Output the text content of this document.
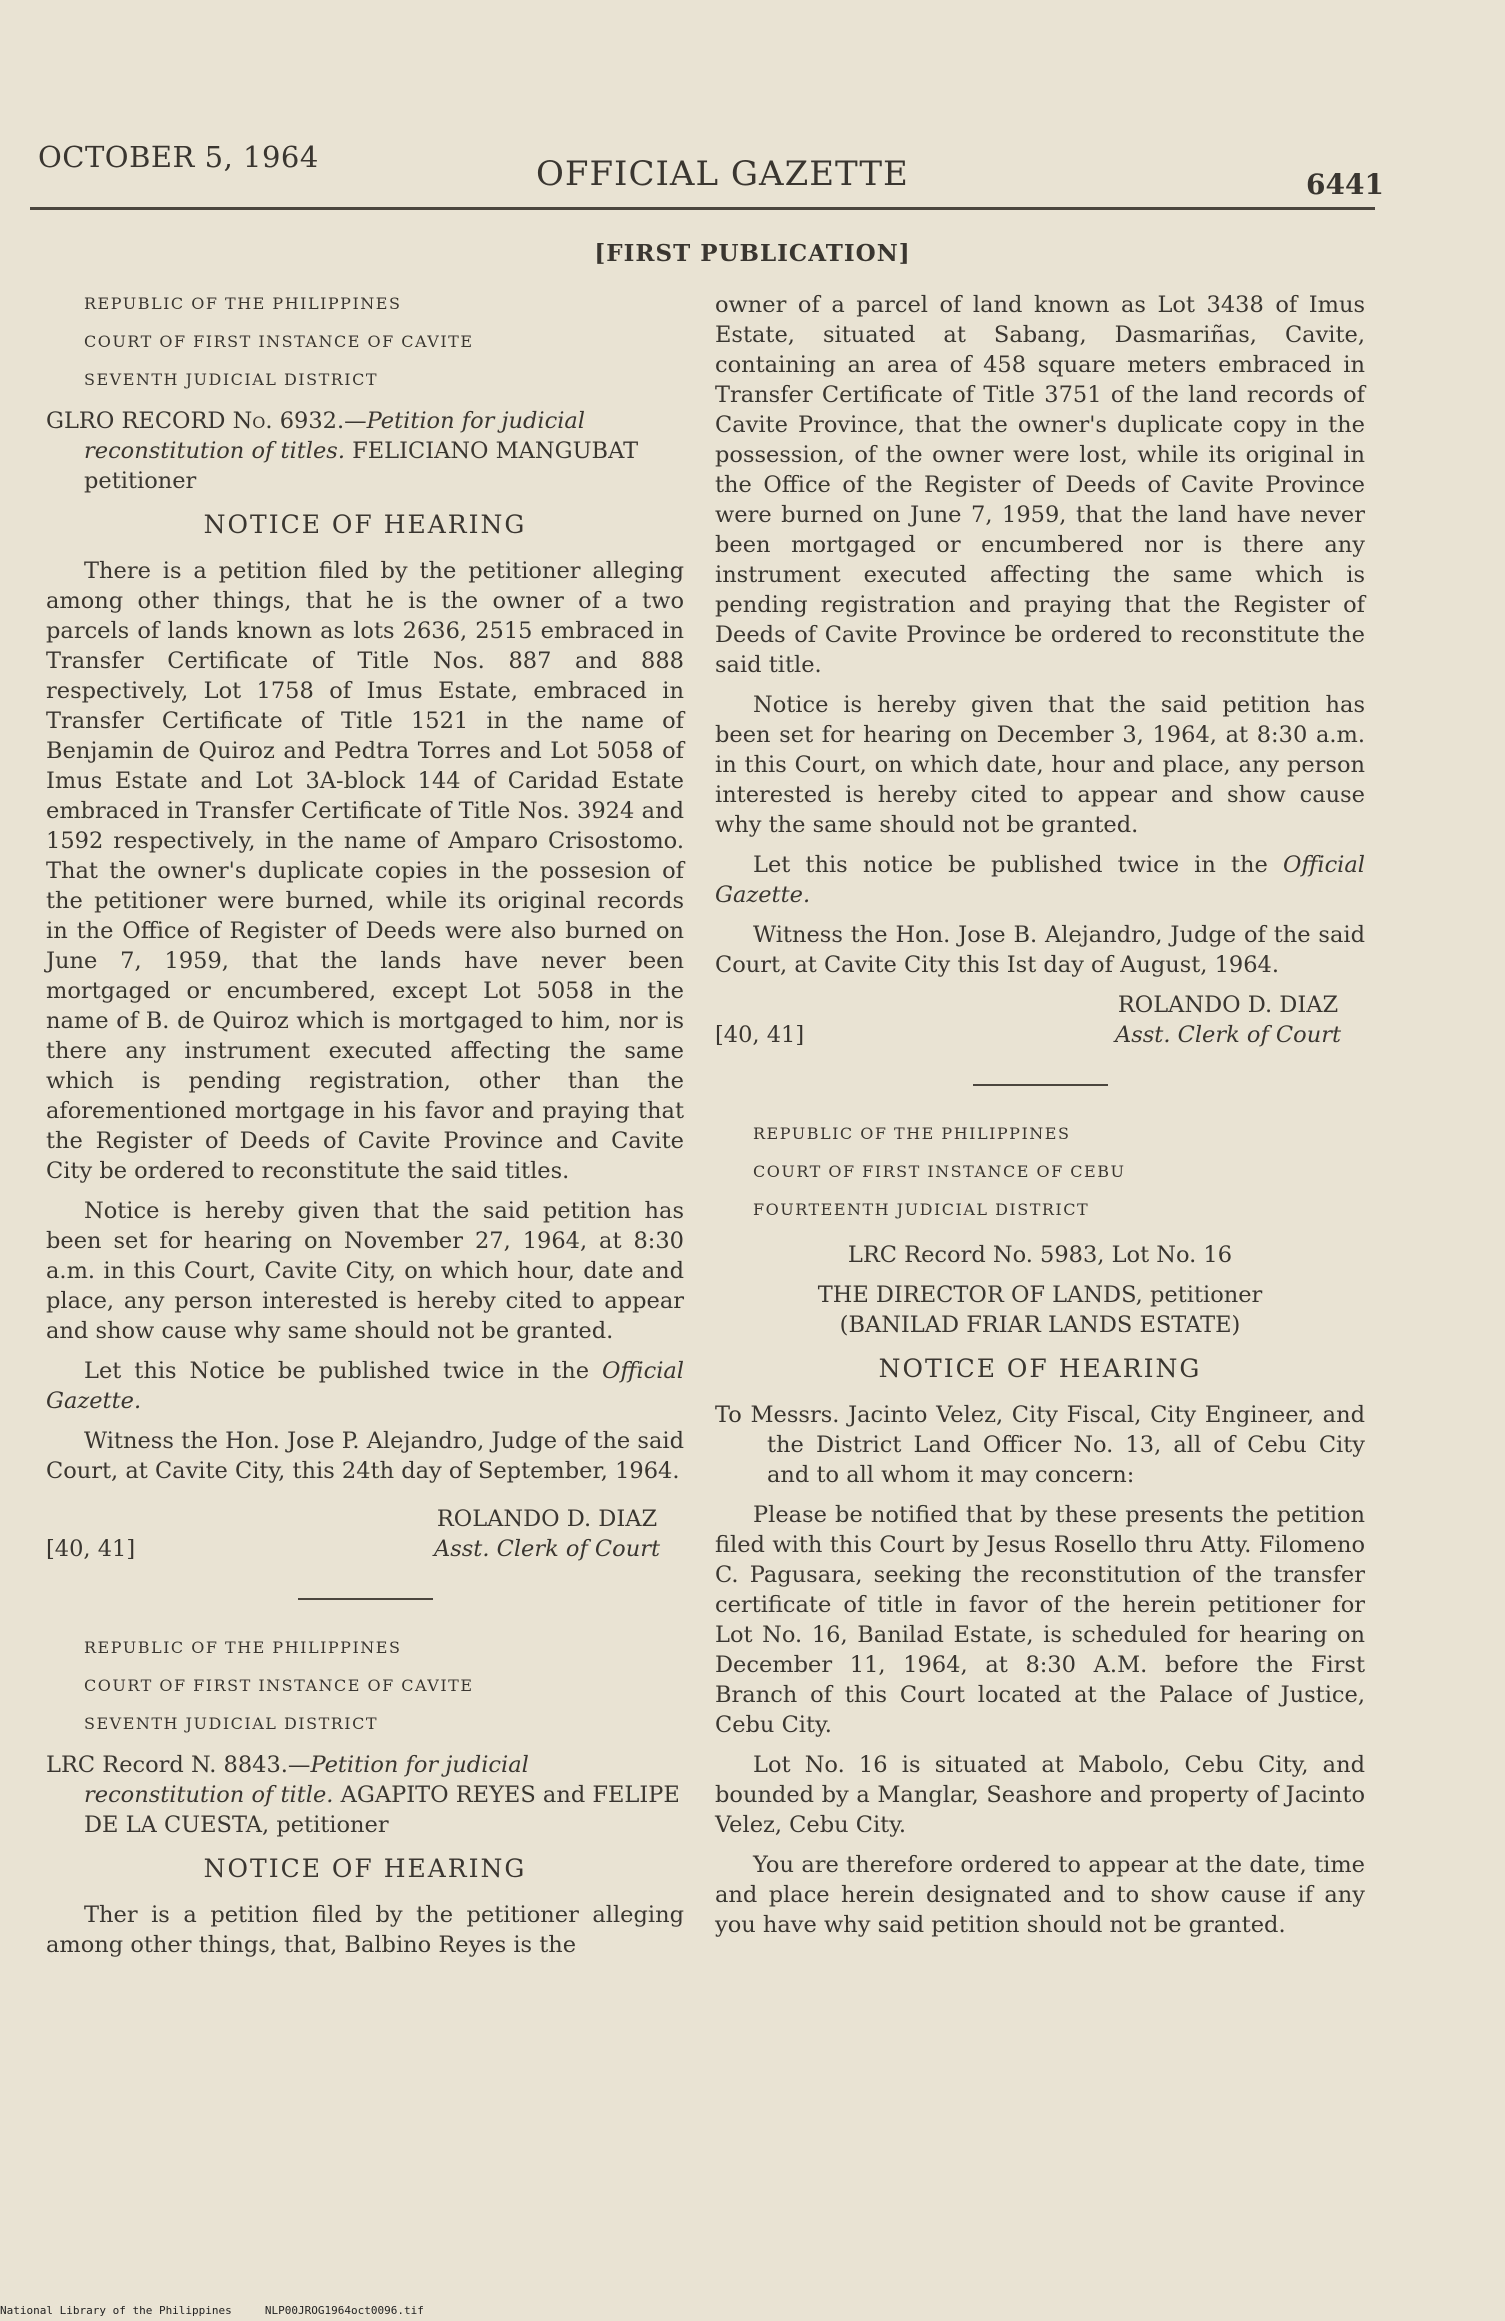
OCTOBER 5, 1964	OFFICIAL GAZETTE	6441
[FIRST PUBLICATION]

REPUBLIC OF THE PHILIPPINES

COURT OF FIRST INSTANCE OF CAVITE

SEVENTH JUDICIAL DISTRICT

GLRO RECORD No. 6932.—Petition for judicial reconstitution of titles. FELICIANO MANGUBAT petitioner

NOTICE OF HEARING

There is a petition filed by the petitioner alleging among other things, that he is the owner of a two parcels of lands known as lots 2636, 2515 embraced in Transfer Certificate of Title Nos. 887 and 888 respectively, Lot 1758 of Imus Estate, embraced in Transfer Certificate of Title 1521 in the name of Benjamin de Quiroz and Pedtra Torres and Lot 5058 of Imus Estate and Lot 3A-block 144 of Caridad Estate embraced in Transfer Certificate of Title Nos. 3924 and 1592 respectively, in the name of Amparo Crisostomo. That the owner's duplicate copies in the possesion of the petitioner were burned, while its original records in the Office of Register of Deeds were also burned on June 7, 1959, that the lands have never been mortgaged or encumbered, except Lot 5058 in the name of B. de Quiroz which is mortgaged to him, nor is there any instrument executed affecting the same which is pending registration, other than the aforementioned mortgage in his favor and praying that the Register of Deeds of Cavite Province and Cavite City be ordered to reconstitute the said titles.

Notice is hereby given that the said petition has been set for hearing on November 27, 1964, at 8:30 a.m. in this Court, Cavite City, on which hour, date and place, any person interested is hereby cited to appear and show cause why same should not be granted.

Let this Notice be published twice in the Official Gazette.

Witness the Hon. Jose P. Alejandro, Judge of the said Court, at Cavite City, this 24th day of September, 1964.

[40, 41]
ROLANDO D. DIAZ
Asst. Clerk of Court

REPUBLIC OF THE PHILIPPINES

COURT OF FIRST INSTANCE OF CAVITE

SEVENTH JUDICIAL DISTRICT

LRC Record N. 8843.—Petition for judicial reconstitution of title. AGAPITO REYES and FELIPE DE LA CUESTA, petitioner

NOTICE OF HEARING

Ther is a petition filed by the petitioner alleging among other things, that, Balbino Reyes is the

owner of a parcel of land known as Lot 3438 of Imus Estate, situated at Sabang, Dasmariñas, Cavite, containing an area of 458 square meters embraced in Transfer Certificate of Title 3751 of the land records of Cavite Province, that the owner's duplicate copy in the possession, of the owner were lost, while its original in the Office of the Register of Deeds of Cavite Province were burned on June 7, 1959, that the land have never been mortgaged or encumbered nor is there any instrument executed affecting the same which is pending registration and praying that the Register of Deeds of Cavite Province be ordered to reconstitute the said title.

Notice is hereby given that the said petition has been set for hearing on December 3, 1964, at 8:30 a.m. in this Court, on which date, hour and place, any person interested is hereby cited to appear and show cause why the same should not be granted.

Let this notice be published twice in the Official Gazette.

Witness the Hon. Jose B. Alejandro, Judge of the said Court, at Cavite City this Ist day of August, 1964.

[40, 41]
ROLANDO D. DIAZ
Asst. Clerk of Court

REPUBLIC OF THE PHILIPPINES

COURT OF FIRST INSTANCE OF CEBU

FOURTEENTH JUDICIAL DISTRICT

LRC Record No. 5983, Lot No. 16

THE DIRECTOR OF LANDS, petitioner

(BANILAD FRIAR LANDS ESTATE)

NOTICE OF HEARING

To Messrs. Jacinto Velez, City Fiscal, City Engineer, and the District Land Officer No. 13, all of Cebu City and to all whom it may concern:

Please be notified that by these presents the petition filed with this Court by Jesus Rosello thru Atty. Filomeno C. Pagusara, seeking the reconstitution of the transfer certificate of title in favor of the herein petitioner for Lot No. 16, Banilad Estate, is scheduled for hearing on December 11, 1964, at 8:30 A.M. before the First Branch of this Court located at the Palace of Justice, Cebu City.

Lot No. 16 is situated at Mabolo, Cebu City, and bounded by a Manglar, Seashore and property of Jacinto Velez, Cebu City.

You are therefore ordered to appear at the date, time and place herein designated and to show cause if any you have why said petition should not be granted.

National Library of the Philippines	NLP00JROG1964oct0096.tif
